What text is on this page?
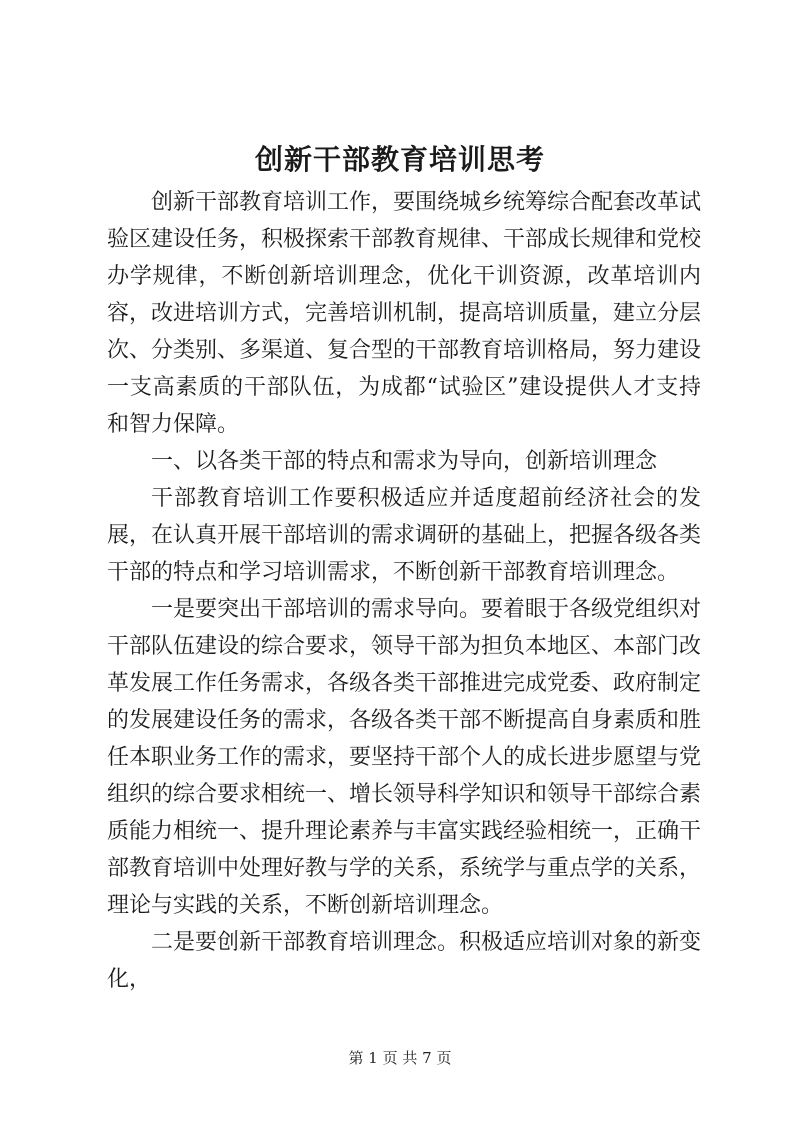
创新干部教育培训思考

创新干部教育培训工作，要围绕城乡统筹综合配套改革试验区建设任务，积极探索干部教育规律、干部成长规律和党校办学规律，不断创新培训理念，优化干训资源，改革培训内容，改进培训方式，完善培训机制，提高培训质量，建立分层次、分类别、多渠道、复合型的干部教育培训格局，努力建设一支高素质的干部队伍，为成都“试验区”建设提供人才支持和智力保障。

一、以各类干部的特点和需求为导向，创新培训理念

干部教育培训工作要积极适应并适度超前经济社会的发展，在认真开展干部培训的需求调研的基础上，把握各级各类干部的特点和学习培训需求，不断创新干部教育培训理念。

一是要突出干部培训的需求导向。要着眼于各级党组织对干部队伍建设的综合要求，领导干部为担负本地区、本部门改革发展工作任务需求，各级各类干部推进完成党委、政府制定的发展建设任务的需求，各级各类干部不断提高自身素质和胜任本职业务工作的需求，要坚持干部个人的成长进步愿望与党组织的综合要求相统一、增长领导科学知识和领导干部综合素质能力相统一、提升理论素养与丰富实践经验相统一，正确干部教育培训中处理好教与学的关系，系统学与重点学的关系，理论与实践的关系，不断创新培训理念。

二是要创新干部教育培训理念。积极适应培训对象的新变化，

第 1 页 共 7 页
